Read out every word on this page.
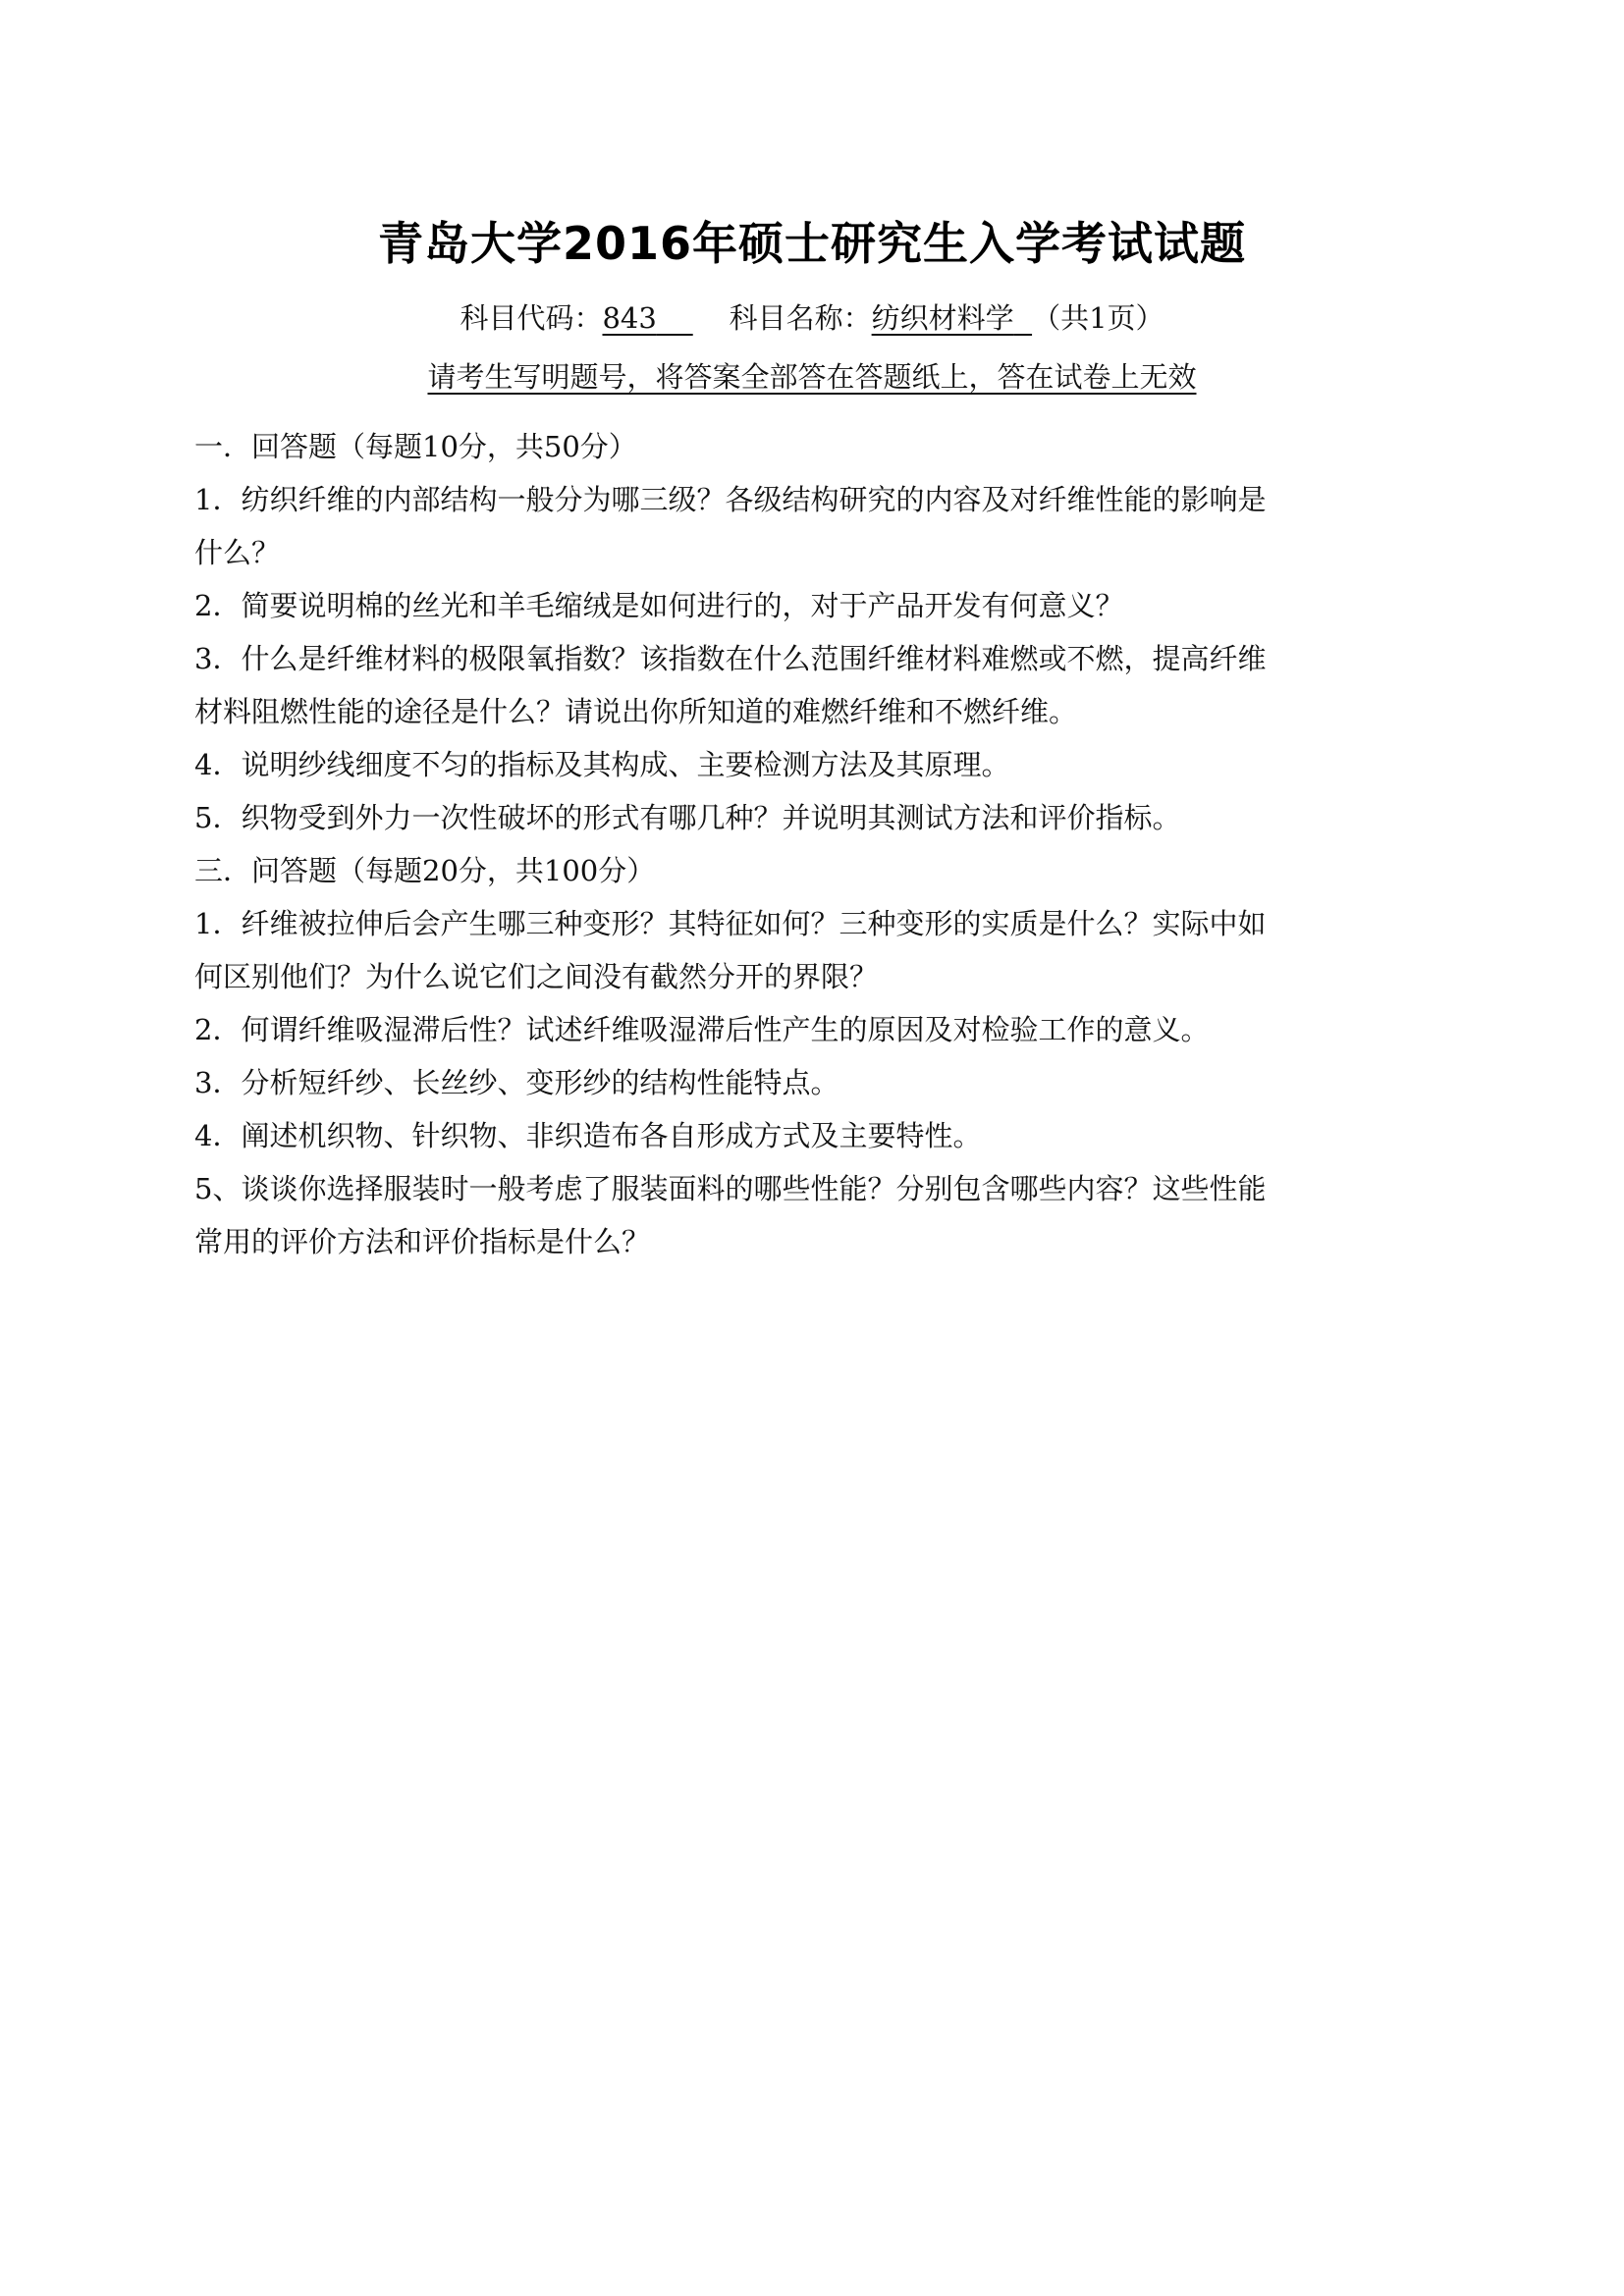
青岛大学2016年硕士研究生入学考试试题
科目代码：843	科目名称：纺织材料学 （共1页）
请考生写明题号，将答案全部答在答题纸上，答在试卷上无效
一．回答题（每题10分，共50分）
1．纺织纤维的内部结构一般分为哪三级？各级结构研究的内容及对纤维性能的影响是
什么？
2．简要说明棉的丝光和羊毛缩绒是如何进行的，对于产品开发有何意义？
3．什么是纤维材料的极限氧指数？该指数在什么范围纤维材料难燃或不燃，提高纤维
材料阻燃性能的途径是什么？请说出你所知道的难燃纤维和不燃纤维。
4．说明纱线细度不匀的指标及其构成、主要检测方法及其原理。
5．织物受到外力一次性破坏的形式有哪几种？并说明其测试方法和评价指标。
三．问答题（每题20分，共100分）
1．纤维被拉伸后会产生哪三种变形？其特征如何？三种变形的实质是什么？实际中如
何区别他们？为什么说它们之间没有截然分开的界限？
2．何谓纤维吸湿滞后性？试述纤维吸湿滞后性产生的原因及对检验工作的意义。
3．分析短纤纱、长丝纱、变形纱的结构性能特点。
4．阐述机织物、针织物、非织造布各自形成方式及主要特性。
5、谈谈你选择服装时一般考虑了服装面料的哪些性能？分别包含哪些内容？这些性能
常用的评价方法和评价指标是什么？
